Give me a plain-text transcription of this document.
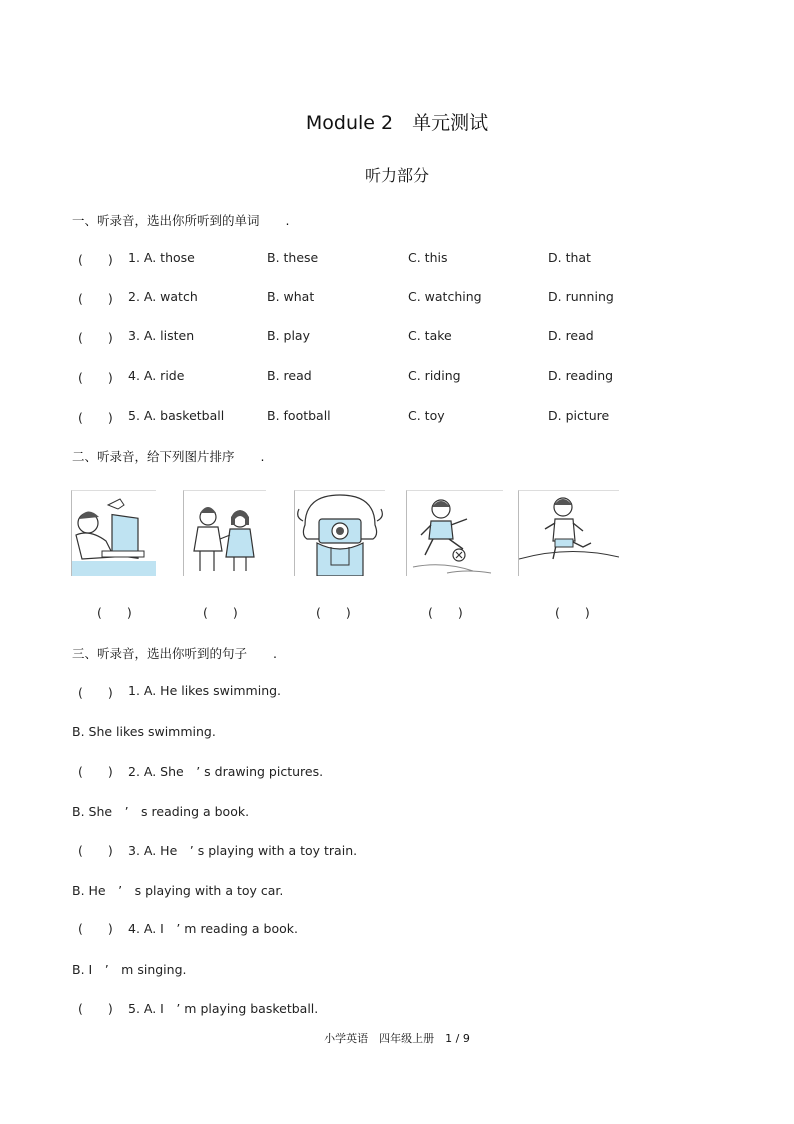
Module 2　单元测试
听力部分
一、听录音，选出你所听到的单词 .
(　　) 1. A. those	B. these	C. this	D. that
(　　) 2. A. watch	B. what	C. watching	D. running
(　　) 3. A. listen	B. play	C. take	D. read
(　　) 4. A. ride	B. read	C. riding	D. reading
(　　) 5. A. basketball	B. football	C. toy	D. picture
二、听录音，给下列图片排序 .
(　　)	(　　)	(　　)	(　　)	(　　)
三、听录音，选出你听到的句子 .
(　　) 1. A. He likes swimming.
B. She likes swimming.
(　　) 2. A. She　’ s drawing pictures.
B. She　’　s reading a book.
(　　) 3. A. He　’ s playing with a toy train.
B. He　’　s playing with a toy car.
(　　) 4. A. I　’ m reading a book.
B. I　’　m singing.
(　　) 5. A. I　’ m playing basketball.
小学英语　四年级上册　1 / 9
